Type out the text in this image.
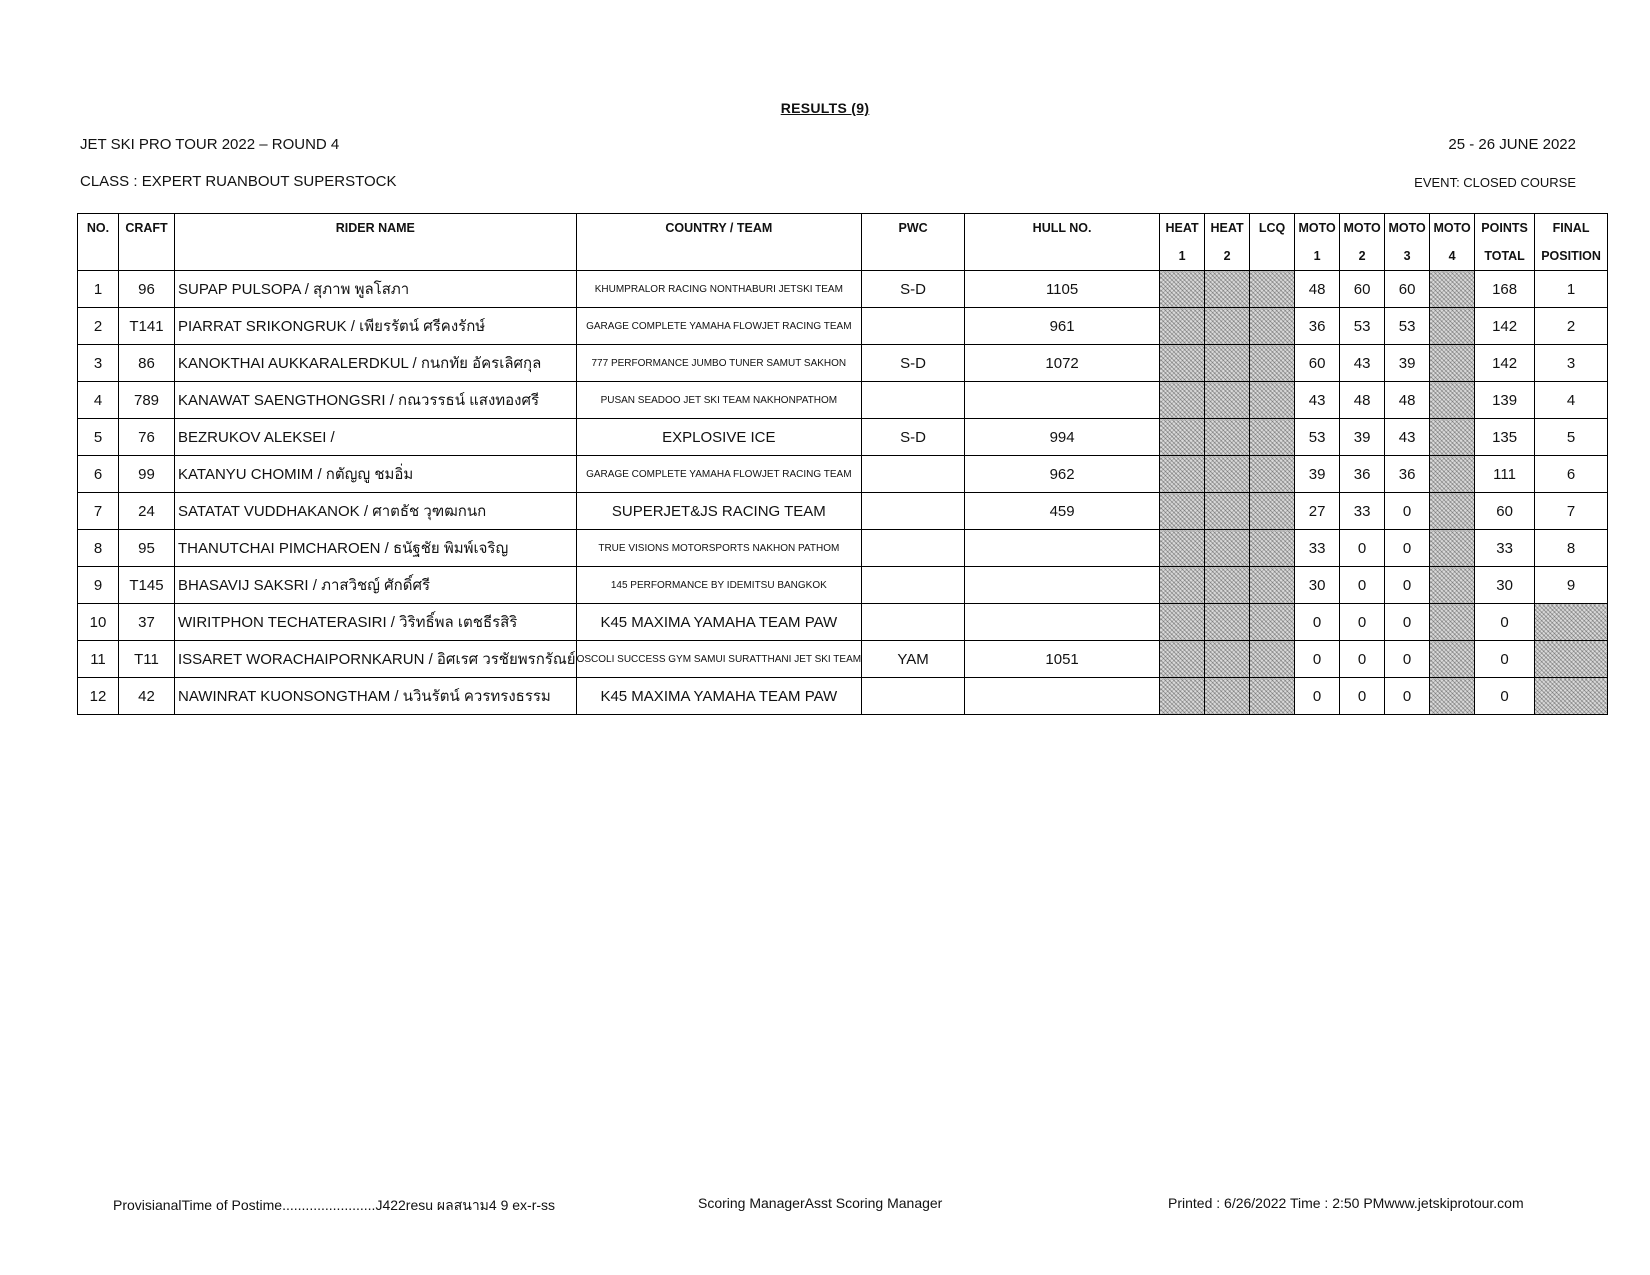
RESULTS (9)
JET SKI PRO TOUR 2022 – ROUND 4	25 - 26 JUNE 2022
CLASS : EXPERT RUANBOUT SUPERSTOCK	EVENT: CLOSED COURSE
NO.	CRAFT	RIDER NAME	COUNTRY / TEAM	PWC	HULL NO.	HEAT	HEAT	LCQ	MOTO	MOTO	MOTO	MOTO	POINTS	FINAL
						1	2		1	2	3	4	TOTAL	POSITION
1	96	SUPAP PULSOPA / สุภาพ พูลโสภา	KHUMPRALOR RACING NONTHABURI JETSKI TEAM	S-D	1105				48	60	60		168	1
2	T141	PIARRAT SRIKONGRUK / เพียรรัตน์ ศรีคงรักษ์	GARAGE COMPLETE YAMAHA FLOWJET RACING TEAM		961				36	53	53		142	2
3	86	KANOKTHAI AUKKARALERDKUL / กนกทัย อัครเลิศกุล	777 PERFORMANCE JUMBO TUNER SAMUT SAKHON	S-D	1072				60	43	39		142	3
4	789	KANAWAT SAENGTHONGSRI / กณวรรธน์ แสงทองศรี	PUSAN SEADOO JET SKI TEAM NAKHONPATHOM						43	48	48		139	4
5	76	BEZRUKOV ALEKSEI /	EXPLOSIVE ICE	S-D	994				53	39	43		135	5
6	99	KATANYU CHOMIM / กตัญญู ชมอิ่ม	GARAGE COMPLETE YAMAHA FLOWJET RACING TEAM		962				39	36	36		111	6
7	24	SATATAT VUDDHAKANOK / ศาตธัช วุฑฒกนก	SUPERJET&JS RACING TEAM		459				27	33	0		60	7
8	95	THANUTCHAI PIMCHAROEN / ธนัฐชัย พิมพ์เจริญ	TRUE VISIONS MOTORSPORTS NAKHON PATHOM						33	0	0		33	8
9	T145	BHASAVIJ SAKSRI / ภาสวิชญ์ ศักดิ์ศรี	145 PERFORMANCE BY IDEMITSU BANGKOK						30	0	0		30	9
10	37	WIRITPHON TECHATERASIRI / วิริทธิ์พล เตชธีรสิริ	K45 MAXIMA YAMAHA TEAM PAW						0	0	0		0	
11	T11	ISSARET WORACHAIPORNKARUN / อิศเรศ วรชัยพรกรัณย์	OSCOLI SUCCESS GYM SAMUI SURATTHANI JET SKI TEAM	YAM	1051				0	0	0		0	
12	42	NAWINRAT KUONSONGTHAM / นวินรัตน์ ควรทรงธรรม	K45 MAXIMA YAMAHA TEAM PAW						0	0	0		0	
ProvisianalTime of Postime........................J422resu ผลสนาม4 9 ex-r-ss	Scoring ManagerAsst Scoring Manager	Printed : 6/26/2022 Time : 2:50 PMwww.jetskiprotour.com
